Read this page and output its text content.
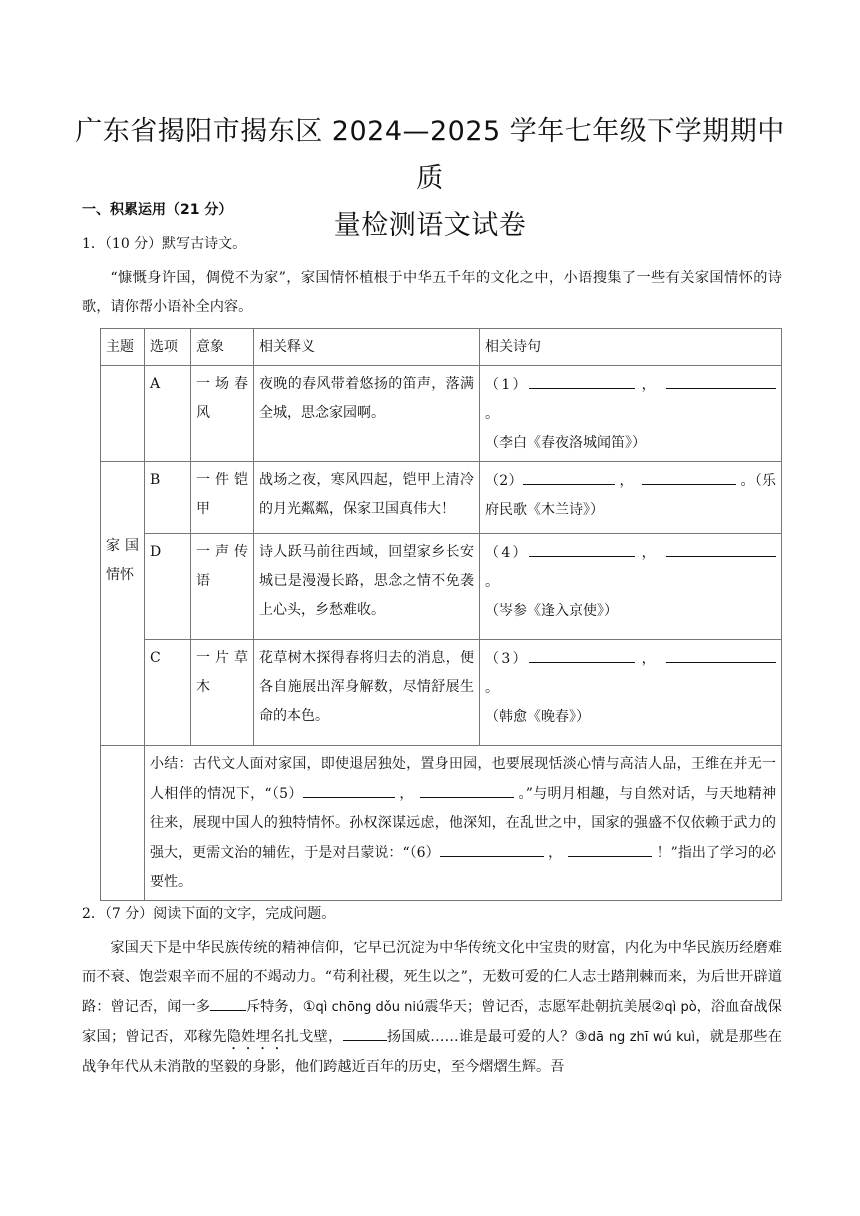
广东省揭阳市揭东区 2024—2025 学年七年级下学期期中质
量检测语文试卷
一、积累运用（21 分）
1．（10 分）默写古诗文。
“慷慨身许国，倜傥不为家”，家国情怀植根于中华五千年的文化之中，小语搜集了一些有关家国情怀的诗歌，请你帮小语补全内容。
主题	选项	意象	相关释义	相关诗句
	A	一 场 春 风	夜晚的春风带着悠扬的笛声，落满全城，思念家园啊。	（1） ， 。
（李白《春夜洛城闻笛》）

家 国 情怀	B	一 件 铠 甲	战场之夜，寒风四起，铠甲上清冷的月光粼粼，保家卫国真伟大！	（2） ， 。（乐府民歌《木兰诗》）
	D	一 声 传 语	诗人跃马前往西域，回望家乡长安城已是漫漫长路，思念之情不免袭上心头，乡愁难收。	（4） ， 。
（岑参《逢入京使》）
	C	一 片 草 木	花草树木探得春将归去的消息，便各自施展出浑身解数，尽情舒展生命的本色。	（3） ， 。
（韩愈《晚春》）
	小结：古代文人面对家国，即使退居独处，置身田园，也要展现恬淡心情与高洁人品，王维在并无一人相伴的情况下，“（5） ， 。”与明月相趣，与自然对话，与天地精神往来，展现中国人的独特情怀。孙权深谋远虑，他深知，在乱世之中，国家的强盛不仅依赖于武力的强大，更需文治的辅佐，于是对吕蒙说：“（6） ， ！”指出了学习的必要性。			
2．（7 分）阅读下面的文字，完成问题。
家国天下是中华民族传统的精神信仰，它早已沉淀为中华传统文化中宝贵的财富，内化为中华民族历经磨难而不衰、饱尝艰辛而不屈的不竭动力。“苟利社稷，死生以之”，无数可爱的仁人志士踏荆棘而来，为后世开辟道路：曾记否，闻一多	斥特务，①qì chōng dǒu niú震华天；曾记否，志愿军赴朝抗美展②qì pò，浴血奋战保家国；曾记否，邓稼先隐姓埋名扎戈壁，	扬国威……谁是最可爱的人？③dā ng zhī wú kuì，就是那些在战争年代从未消散的坚毅的身影，他们跨越近百年的历史，至今熠熠生辉。吾
